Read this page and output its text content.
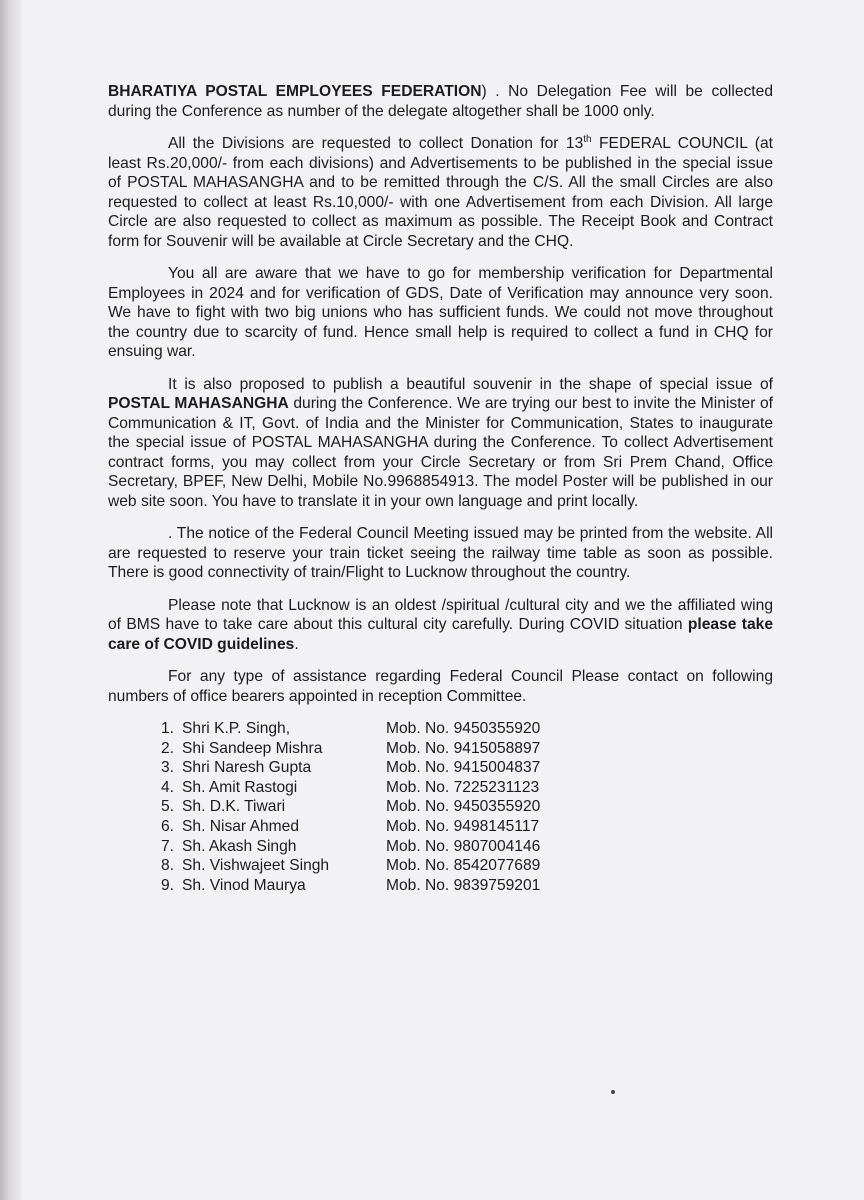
BHARATIYA POSTAL EMPLOYEES FEDERATION) . No Delegation Fee will be collected during the Conference as number of the delegate altogether shall be 1000 only.

All the Divisions are requested to collect Donation for 13th FEDERAL COUNCIL (at least Rs.20,000/- from each divisions) and Advertisements to be published in the special issue of POSTAL MAHASANGHA and to be remitted through the C/S. All the small Circles are also requested to collect at least Rs.10,000/- with one Advertisement from each Division. All large Circle are also requested to collect as maximum as possible. The Receipt Book and Contract form for Souvenir will be available at Circle Secretary and the CHQ.

You all are aware that we have to go for membership verification for Departmental Employees in 2024 and for verification of GDS, Date of Verification may announce very soon. We have to fight with two big unions who has sufficient funds. We could not move throughout the country due to scarcity of fund. Hence small help is required to collect a fund in CHQ for ensuing war.

It is also proposed to publish a beautiful souvenir in the shape of special issue of POSTAL MAHASANGHA during the Conference. We are trying our best to invite the Minister of Communication & IT, Govt. of India and the Minister for Communication, States to inaugurate the special issue of POSTAL MAHASANGHA during the Conference. To collect Advertisement contract forms, you may collect from your Circle Secretary or from Sri Prem Chand, Office Secretary, BPEF, New Delhi, Mobile No.9968854913. The model Poster will be published in our web site soon. You have to translate it in your own language and print locally.

. The notice of the Federal Council Meeting issued may be printed from the website. All are requested to reserve your train ticket seeing the railway time table as soon as possible. There is good connectivity of train/Flight to Lucknow throughout the country.

Please note that Lucknow is an oldest /spiritual /cultural city and we the affiliated wing of BMS have to take care about this cultural city carefully. During COVID situation please take care of COVID guidelines.

For any type of assistance regarding Federal Council Please contact on following numbers of office bearers appointed in reception Committee.

1. Shri K.P. Singh,	Mob. No. 9450355920
2. Shi Sandeep Mishra	Mob. No. 9415058897
3. Shri Naresh Gupta	Mob. No. 9415004837
4. Sh. Amit Rastogi	Mob. No. 7225231123
5. Sh. D.K. Tiwari	Mob. No. 9450355920
6. Sh. Nisar Ahmed	Mob. No. 9498145117
7. Sh. Akash Singh	Mob. No. 9807004146
8. Sh. Vishwajeet Singh	Mob. No. 8542077689
9. Sh. Vinod Maurya	Mob. No. 9839759201
